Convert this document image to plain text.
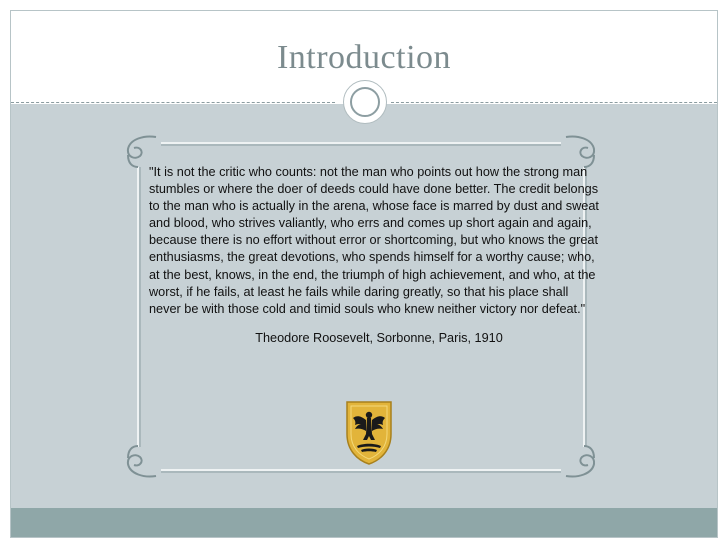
Introduction

"It is not the critic who counts: not the man who points out how the strong man stumbles or where the doer of deeds could have done better. The credit belongs to the man who is actually in the arena, whose face is marred by dust and sweat and blood, who strives valiantly, who errs and comes up short again and again, because there is no effort without error or shortcoming, but who knows the great enthusiasms, the great devotions, who spends himself for a worthy cause; who, at the best, knows, in the end, the triumph of high achievement, and who, at the worst, if he fails, at least he fails while daring greatly, so that his place shall never be with those cold and timid souls who knew neither victory nor defeat."

Theodore Roosevelt, Sorbonne, Paris, 1910
